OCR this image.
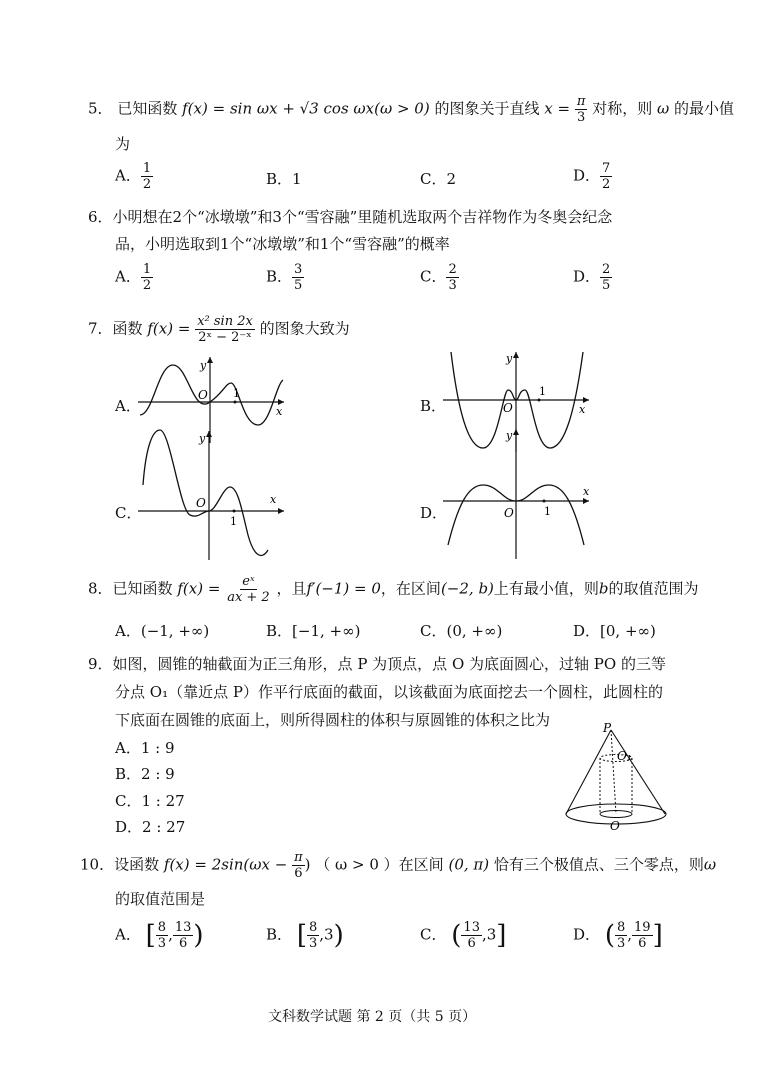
5． 已知函数 f(x) = sin ωx + √3 cos ωx(ω > 0) 的图象关于直线 $x = \frac{\pi}{3}$ 对称，则 ω 的最小值
为
A． $\frac{1}{2}$	B．1	C．2	D． $\frac{7}{2}$
6．小明想在2个“冰墩墩”和3个“雪容融”里随机选取两个吉祥物作为冬奥会纪念
品，小明选取到1个“冰墩墩”和1个“雪容融”的概率
A． $\frac{1}{2}$	B． $\frac{3}{5}$	C． $\frac{2}{3}$	D． $\frac{2}{5}$
7．函数 $f(x) = \frac{\text{x² sin 2x}}{\text{2ˣ − 2⁻ˣ}}$ 的图象大致为
A．
y
O 1
x	B．
y
O
1
x
C．
y
O
1
x
D．
y
O	1
x
8．已知函数 $f(x) = \frac{\text{eˣ}}{ax + 2}$ ，且f′(−1) = 0，在区间(−2, b)上有最小值，则b的取值范围为
A．(−1, +∞)	B．[−1, +∞)	C．(0, +∞)	D．[0, +∞)
9．如图，圆锥的轴截面为正三角形，点 P 为顶点，点 O 为底面圆心，过轴 PO 的三等
分点 O₁（靠近点 P）作平行底面的截面，以该截面为底面挖去一个圆柱，此圆柱的
下底面在圆锥的底面上，则所得圆柱的体积与原圆锥的体积之比为
A．1 : 9
B．2 : 9
C．1 : 27
D．2 : 27
P
O₁
O
10．设函数 $f(x) = 2\sin(\omega x - \frac{\pi}{6}$ ) （ ω > 0 ）在区间 (0, π) 恰有三个极值点、三个零点，则ω
的取值范围是
A． [ $\frac{8}{3}$ , $\frac{13}{6}$ )	B． [ $\frac{8}{3} ,3$)	C． ( $\frac{13}{6} ,3$]	D． ( $\frac{8}{3}$ , $\frac{19}{6}$ ]
文科数学试题 第 2 页（共 5 页）
